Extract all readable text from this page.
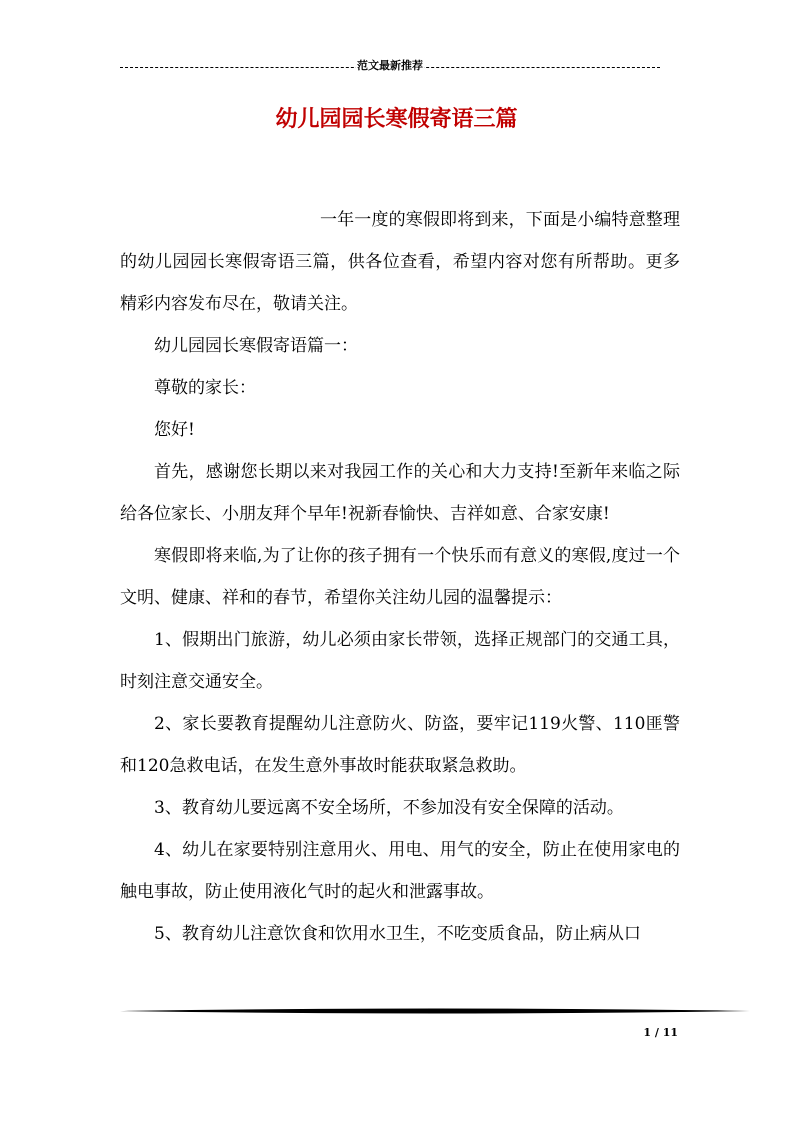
范文最新推荐
幼儿园园长寒假寄语三篇

一年一度的寒假即将到来，下面是小编特意整理的幼儿园园长寒假寄语三篇，供各位查看，希望内容对您有所帮助。更多精彩内容发布尽在，敬请关注。

幼儿园园长寒假寄语篇一：

尊敬的家长：

您好!

首先，感谢您长期以来对我园工作的关心和大力支持!至新年来临之际给各位家长、小朋友拜个早年!祝新春愉快、吉祥如意、合家安康!

寒假即将来临,为了让你的孩子拥有一个快乐而有意义的寒假,度过一个文明、健康、祥和的春节，希望你关注幼儿园的温馨提示：

1、假期出门旅游，幼儿必须由家长带领，选择正规部门的交通工具，时刻注意交通安全。

2、家长要教育提醒幼儿注意防火、防盗，要牢记119火警、110匪警和120急救电话，在发生意外事故时能获取紧急救助。

3、教育幼儿要远离不安全场所，不参加没有安全保障的活动。

4、幼儿在家要特别注意用火、用电、用气的安全，防止在使用家电的触电事故，防止使用液化气时的起火和泄露事故。

5、教育幼儿注意饮食和饮用水卫生，不吃变质食品，防止病从口

1 / 11
